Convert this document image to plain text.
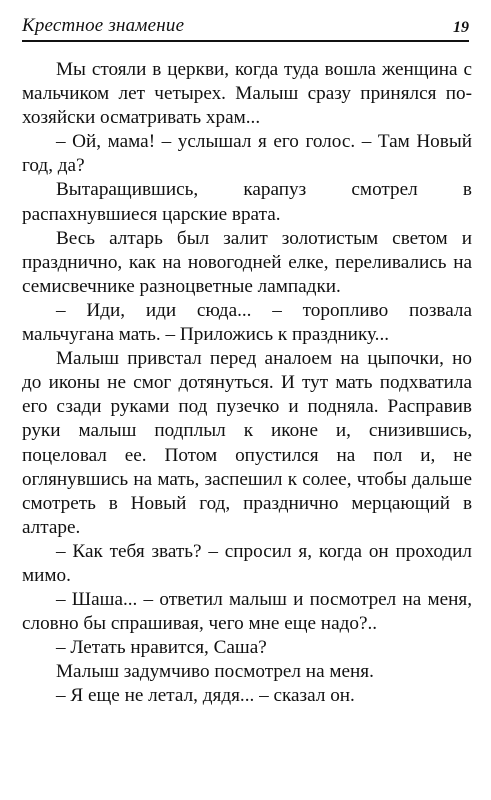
Крестное знамение	19

Мы стояли в церкви, когда туда вошла женщина с мальчиком лет четырех. Малыш сразу принялся по-хозяйски осматривать храм...

– Ой, мама! – услышал я его голос. – Там Новый год, да?

Вытаращившись, карапуз смотрел в распахнувшиеся царские врата.

Весь алтарь был залит золотистым светом и празднично, как на новогодней елке, переливались на семисвечнике разноцветные лампадки.

– Иди, иди сюда... – торопливо позвала мальчугана мать. – Приложись к празднику...

Малыш привстал перед аналоем на цыпочки, но до иконы не смог дотянуться. И тут мать подхватила его сзади руками под пузечко и подняла. Расправив руки малыш подплыл к иконе и, снизившись, поцеловал ее. Потом опустился на пол и, не оглянувшись на мать, заспешил к солее, чтобы дальше смотреть в Новый год, празднично мерцающий в алтаре.

– Как тебя звать? – спросил я, когда он проходил мимо.

– Шаша... – ответил малыш и посмотрел на меня, словно бы спрашивая, чего мне еще надо?..

– Летать нравится, Саша?

Малыш задумчиво посмотрел на меня.

– Я еще не летал, дядя... – сказал он.
